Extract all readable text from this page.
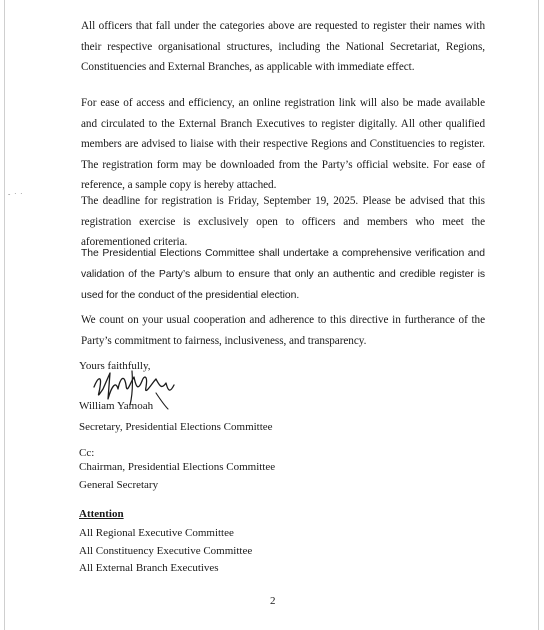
- · ·

All officers that fall under the categories above are requested to register their names with their respective organisational structures, including the National Secretariat, Regions, Constituencies and External Branches, as applicable with immediate effect.

For ease of access and efficiency, an online registration link will also be made available and circulated to the External Branch Executives to register digitally. All other qualified members are advised to liaise with their respective Regions and Constituencies to register. The registration form may be downloaded from the Party’s official website. For ease of reference, a sample copy is hereby attached.

The deadline for registration is Friday, September 19, 2025. Please be advised that this registration exercise is exclusively open to officers and members who meet the aforementioned criteria.

The Presidential Elections Committee shall undertake a comprehensive verification and validation of the Party’s album to ensure that only an authentic and credible register is used for the conduct of the presidential election.

We count on your usual cooperation and adherence to this directive in furtherance of the Party’s commitment to fairness, inclusiveness, and transparency.

Yours faithfully,

William Yamoah

Secretary, Presidential Elections Committee

Cc:

Chairman, Presidential Elections Committee

General Secretary

Attention

All Regional Executive Committee

All Constituency Executive Committee

All External Branch Executives

2
